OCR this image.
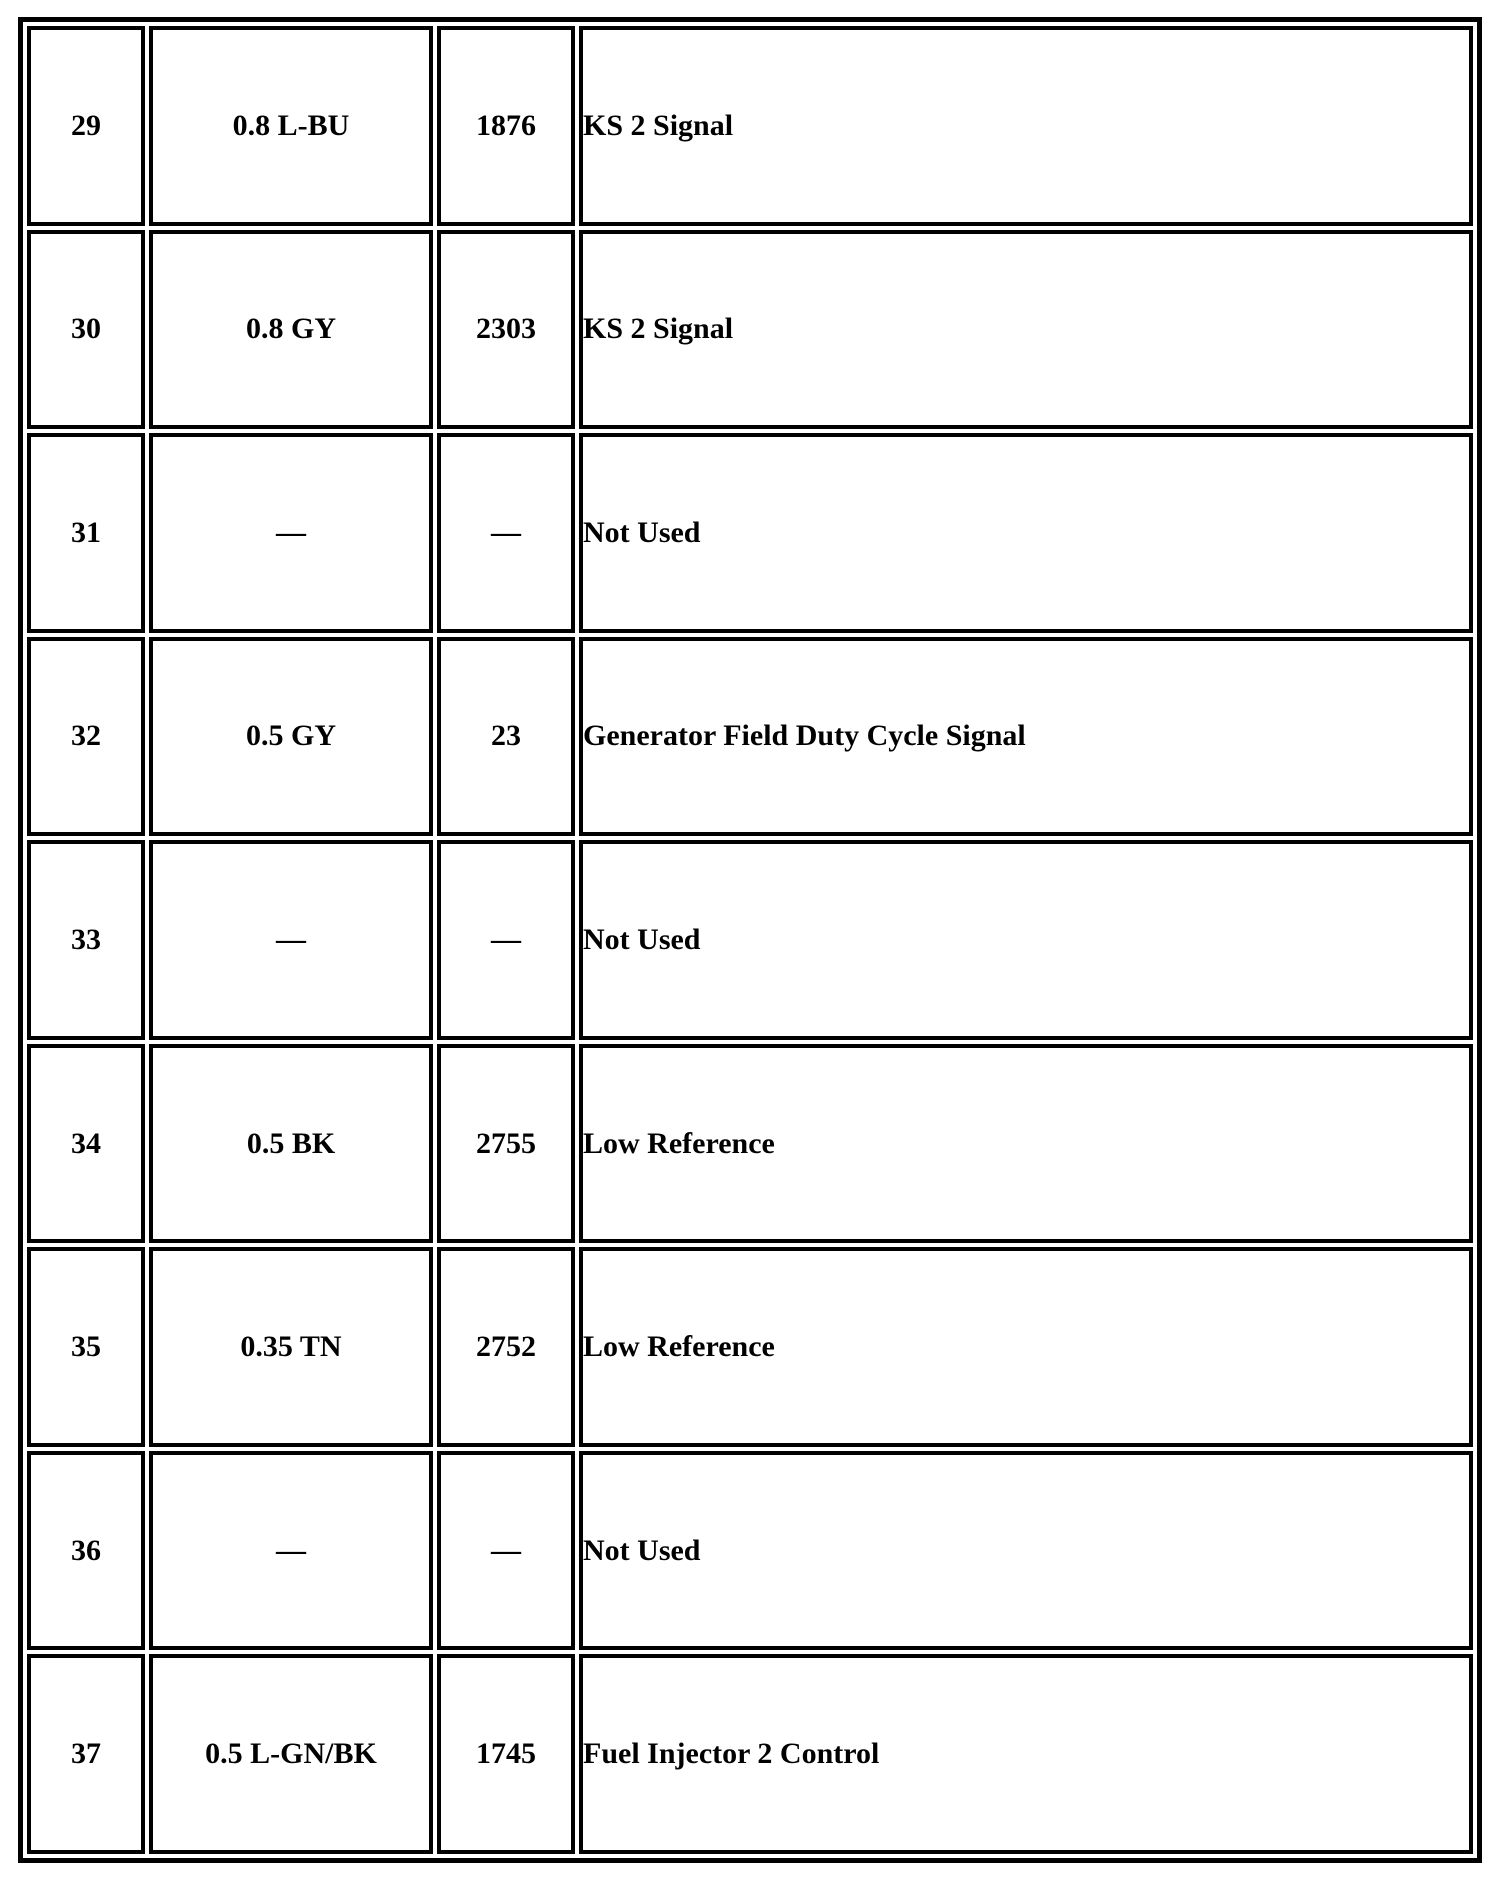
29	0.8 L-BU	1876	KS 2 Signal
30	0.8 GY	2303	KS 2 Signal
31	—	—	Not Used
32	0.5 GY	23	Generator Field Duty Cycle Signal
33	—	—	Not Used
34	0.5 BK	2755	Low Reference
35	0.35 TN	2752	Low Reference
36	—	—	Not Used
37	0.5 L-GN/BK	1745	Fuel Injector 2 Control
